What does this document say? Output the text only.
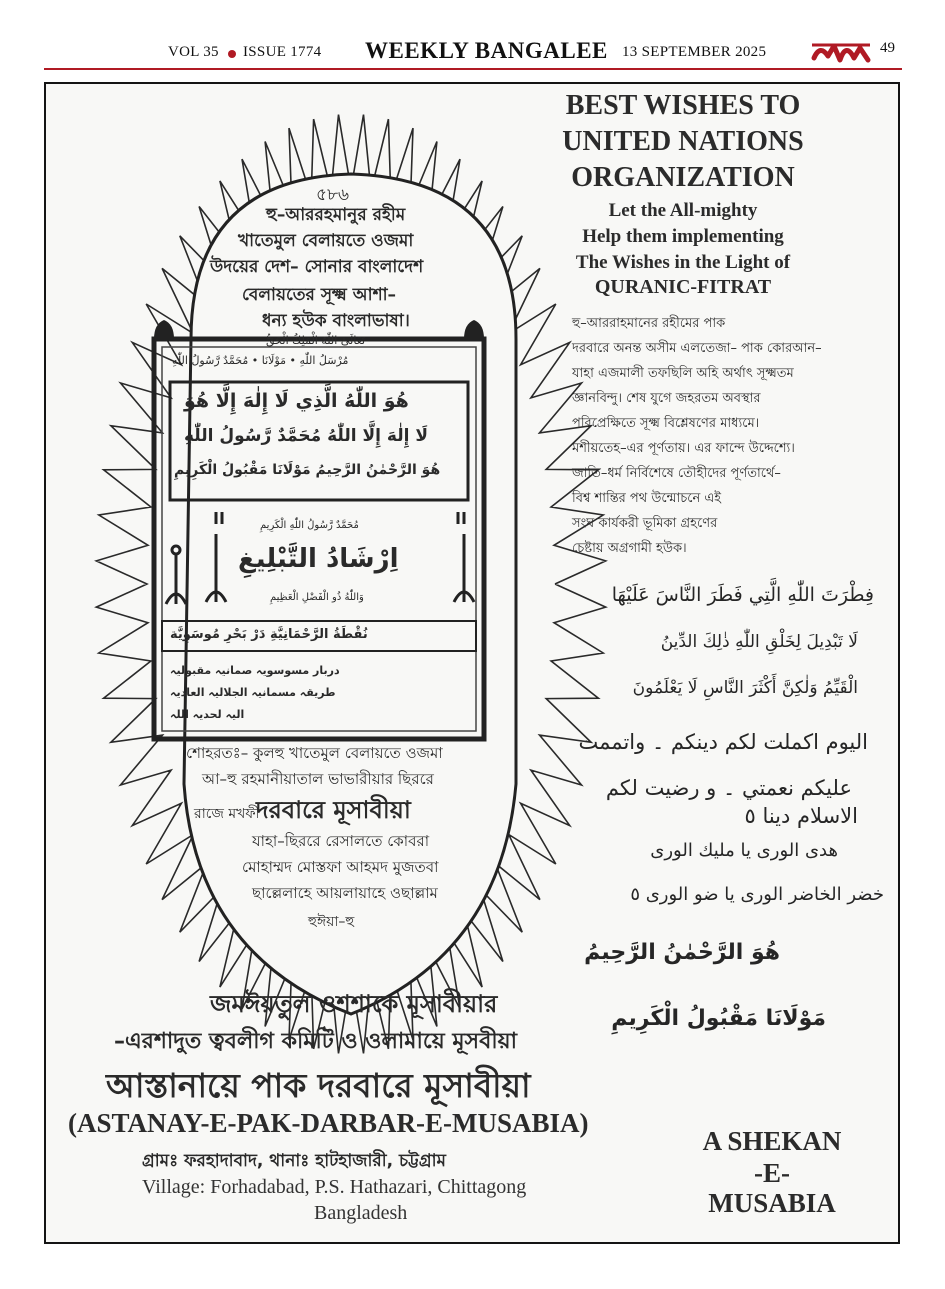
VOL 35 ISSUE 1774 WEEKLY BANGALEE 13 SEPTEMBER 2025	49
৫৮৬
হু–আররহমানুর রহীম
খাতেমুল বেলায়তে ওজমা
উদয়ের দেশ– সোনার বাংলাদেশ
বেলায়তের সূক্ষ্ম আশা–
ধন্য হউক বাংলাভাষা।
تَعَالَىٰ اللّٰهُ الْمَلِكُ الْحَقُّ
مُرْسَلُ اللّٰهِ • مَوْلَانَا • مُحَمَّدٌ رَّسُولُ اللّٰهِ
هُوَ اللّٰهُ الَّذِي لَا إِلٰهَ إِلَّا هُوَ
لَا إِلٰهَ إِلَّا اللّٰهُ مُحَمَّدٌ رَّسُولُ اللّٰهِ
هُوَ الرَّحْمٰنُ الرَّحِيمُ مَوْلَانَا مَقْبُولُ الْكَرِيمِ
مُحَمَّدٌ رَّسُولُ اللّٰهِ الْكَرِيمِ
اِرْشَادُ التَّبْلِيغِ
وَاللّٰهُ ذُو الْفَضْلِ الْعَظِيمِ
نُقْطَةُ الرَّحْمَانِيَّةِ دَرْ بَحْرِ مُوسَوِيَّة
دربار مسوسویہ صمانیہ مقبولیہ
طریقہ مسمانیہ الجلالیہ العادیہ
الیہ لحدیہ اللہ
শোহরতঃ– কুলহু খাতেমুল বেলায়তে ওজমা
আ–হু রহমানীয়াতাল ভাভারীয়ার ছিররে
রাজে মখফী
দরবারে মূসাবীয়া
যাহা–ছিররে রেসালতে কোবরা
মোহাম্মদ মোস্তফা আহমদ মুজতবা
ছাল্লেলাহে আয়লায়াহে ওছাল্লাম
হুঈয়া–হু
BEST WISHES TO
UNITED NATIONS
ORGANIZATION
Let the All-mighty
Help them implementing
The Wishes in the Light of
QURANIC-FITRAT
হু–আররাহমানের রহীমের পাক
দরবারে অনন্ত অসীম এলতেজা– পাক কোরআন–
যাহা এজমালী তফছিলি অহি অর্থাৎ সূক্ষ্মতম
জ্ঞানবিন্দু। শেষ যুগে জহরতম অবস্থার
পরিপ্রেক্ষিতে সূক্ষ্ম বিশ্লেষণের মাধ্যমে।
মশীয়তেহ–এর পূর্ণতায়। এর ফান্দে উদ্দেশ্যে।
জাতি–ধর্ম নির্বিশেষে তৌহীদের পূর্ণতার্থে–
বিশ্ব শান্তির পথ উন্মোচনে এই
সংঘ কার্যকরী ভূমিকা গ্রহণের
চেষ্টায় অগ্রগামী হউক।
فِطْرَتَ اللّٰهِ الَّتِي فَطَرَ النَّاسَ عَلَيْهَا
لَا تَبْدِيلَ لِخَلْقِ اللّٰهِ ذٰلِكَ الدِّينُ
الْقَيِّمُ وَلٰكِنَّ أَكْثَرَ النَّاسِ لَا يَعْلَمُونَ
اليوم اكملت لكم دينكم ۔ واتممت
عليكم نعمتي ۔ و رضيت لكم
الاسلام دينا ٥
هدى الورى يا مليك الورى
خضر الخاضر الورى يا ضو الورى ٥
هُوَ الرَّحْمٰنُ الرَّحِيمُ
مَوْلَانَا مَقْبُولُ الْكَرِيمِ
জমঈয়তুল ওশশাকে মূসাবীয়ার
–এরশাদুত ত্ববলীগ কমিটি ও ওলামায়ে মূসবীয়া
আস্তানায়ে পাক দরবারে মূসাবীয়া
(ASTANAY-E-PAK-DARBAR-E-MUSABIA)
গ্রামঃ ফরহাদাবাদ, থানাঃ হাটহাজারী, চট্টগ্রাম
Village: Forhadabad, P.S. Hathazari, Chittagong
Bangladesh
A SHEKAN
-E-
MUSABIA
